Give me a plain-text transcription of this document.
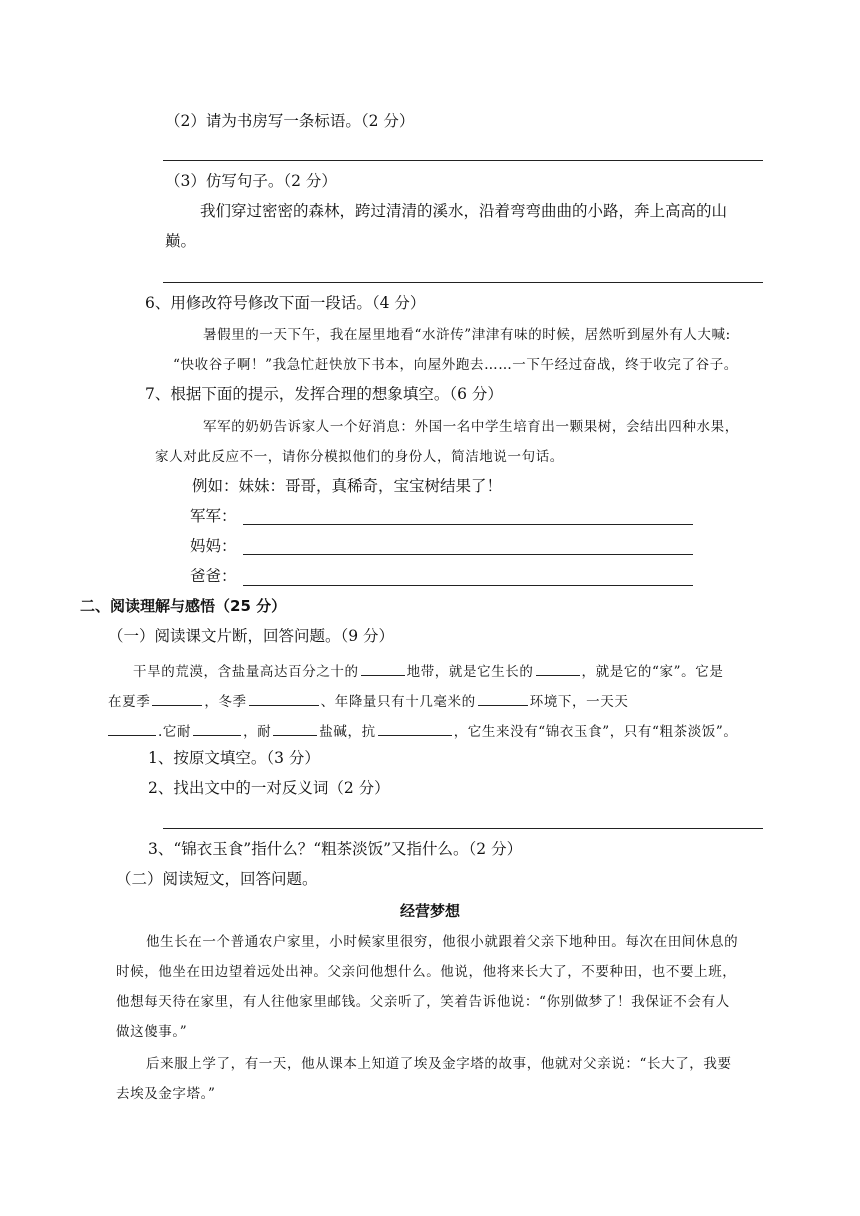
（2）请为书房写一条标语。（2 分）
（3）仿写句子。（2 分）
我们穿过密密的森林，跨过清清的溪水，沿着弯弯曲曲的小路，奔上高高的山
巅。
6、用修改符号修改下面一段话。（4 分）
暑假里的一天下午，我在屋里地看“水浒传”津津有味的时候，居然听到屋外有人大喊:
“快收谷子啊！”我急忙赶快放下书本，向屋外跑去……一下午经过奋战，终于收完了谷子。
7、根据下面的提示，发挥合理的想象填空。（6 分）
军军的奶奶告诉家人一个好消息：外国一名中学生培育出一颗果树，会结出四种水果，
家人对此反应不一，请你分模拟他们的身份人，简洁地说一句话。
例如：妹妹：哥哥，真稀奇，宝宝树结果了！
军军：
妈妈：
爸爸：
二、阅读理解与感悟（25 分）
（一）阅读课文片断，回答问题。（9 分）
干旱的荒漠，含盐量高达百分之十的	地带，就是它生长的	，就是它的“家”。它是
在夏季	，冬季	、年降量只有十几毫米的	环境下，一天天
.它耐	，耐	盐碱，抗	，它生来没有“锦衣玉食”，只有“粗茶淡饭”。
1、按原文填空。（3 分）
2、找出文中的一对反义词（2 分）
3、“锦衣玉食”指什么？“粗茶淡饭”又指什么。（2 分）
（二）阅读短文，回答问题。
经营梦想
他生长在一个普通农户家里，小时候家里很穷，他很小就跟着父亲下地种田。每次在田间休息的
时候，他坐在田边望着远处出神。父亲问他想什么。他说，他将来长大了，不要种田，也不要上班，
他想每天待在家里，有人往他家里邮钱。父亲听了，笑着告诉他说：“你别做梦了！我保证不会有人
做这傻事。”
后来服上学了，有一天，他从课本上知道了埃及金字塔的故事，他就对父亲说：“长大了，我要
去埃及金字塔。”
